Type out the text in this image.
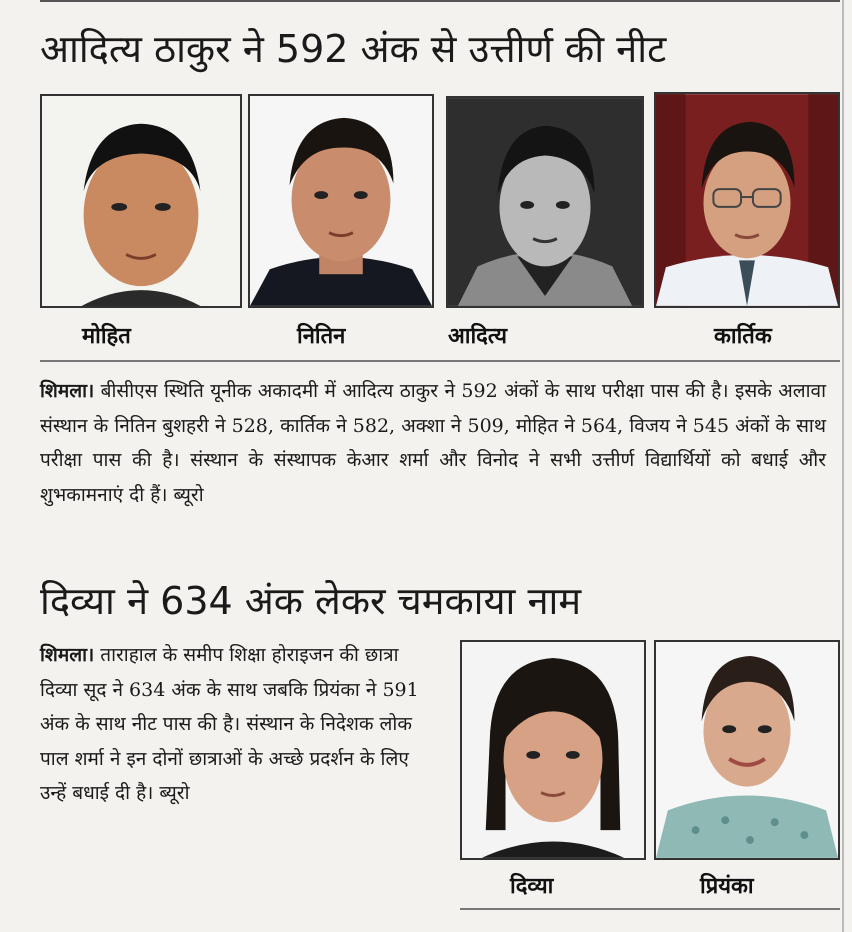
आदित्य ठाकुर ने 592 अंक से उत्तीर्ण की नीट
मोहित	नितिन	आदित्य	कार्तिक

शिमला। बीसीएस स्थिति यूनीक अकादमी में आदित्य ठाकुर ने 592 अंकों के साथ परीक्षा पास की है। इसके अलावा संस्थान के नितिन बुशहरी ने 528, कार्तिक ने 582, अक्शा ने 509, मोहित ने 564, विजय ने 545 अंकों के साथ परीक्षा पास की है। संस्थान के संस्थापक केआर शर्मा और विनोद ने सभी उत्तीर्ण विद्यार्थियों को बधाई और शुभकामनाएं दी हैं। ब्यूरो

दिव्या ने 634 अंक लेकर चमकाया नाम

शिमला। ताराहाल के समीप शिक्षा होराइजन की छात्रा दिव्या सूद ने 634 अंक के साथ जबकि प्रियंका ने 591 अंक के साथ नीट पास की है। संस्थान के निदेशक लोक पाल शर्मा ने इन दोनों छात्राओं के अच्छे प्रदर्शन के लिए उन्हें बधाई दी है। ब्यूरो

दिव्या	प्रियंका
